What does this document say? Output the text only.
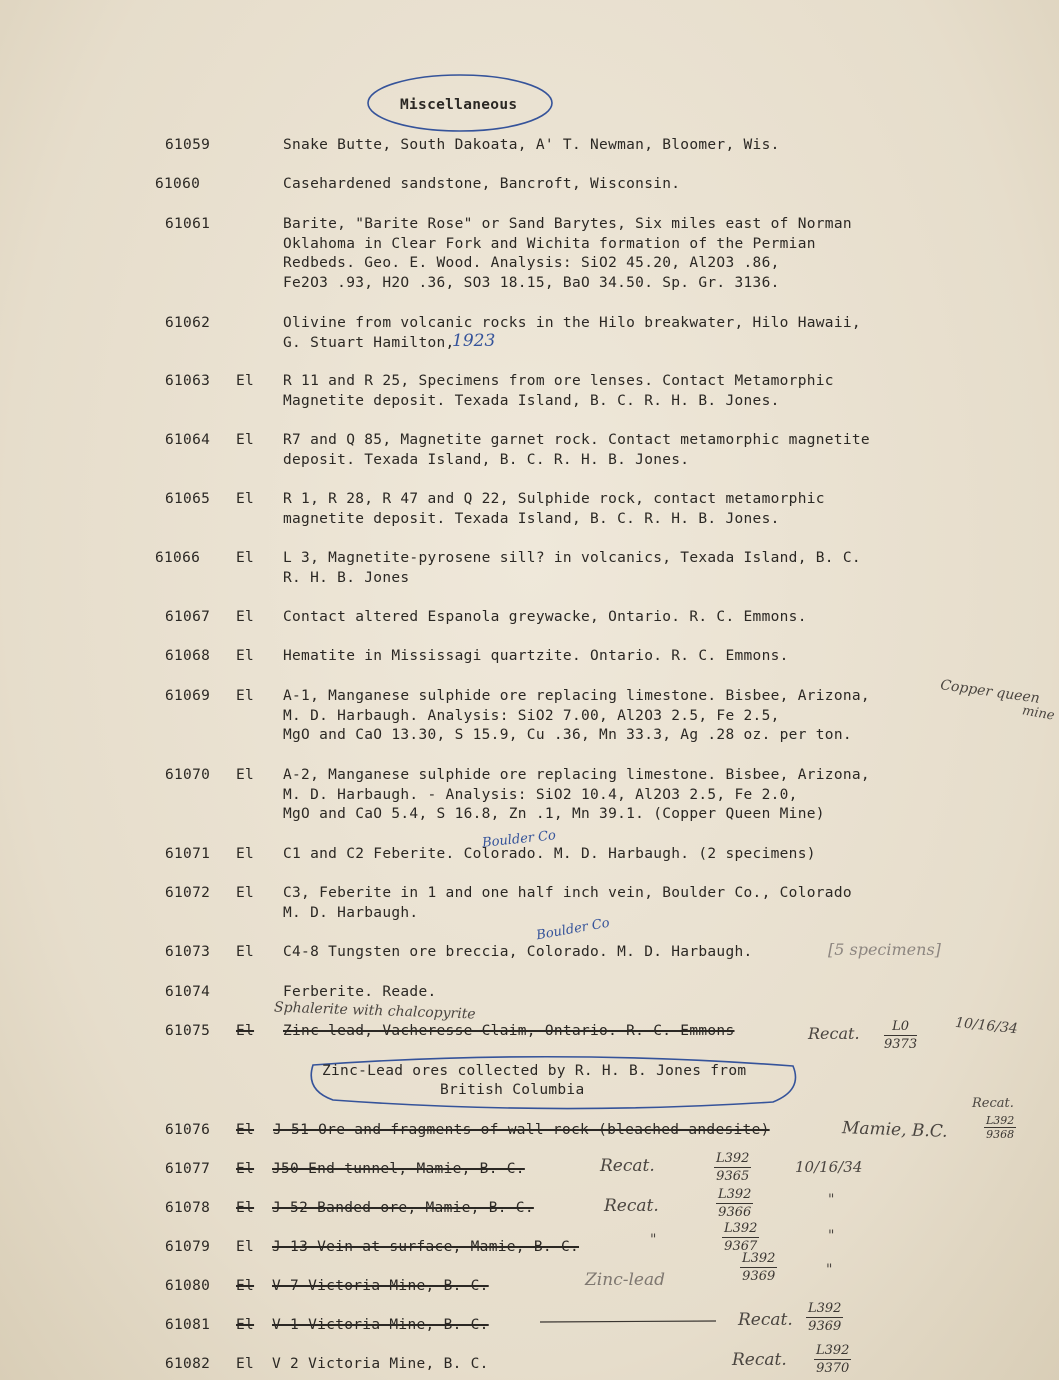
Miscellaneous
61059	Snake Butte, South Dakoata, A' T. Newman, Bloomer, Wis.
61060	Casehardened sandstone, Bancroft, Wisconsin.
61061	Barite, "Barite Rose" or Sand Barytes, Six miles east of Norman
Oklahoma in Clear Fork and Wichita formation of the Permian
Redbeds. Geo. E. Wood. Analysis: SiO2 45.20, Al2O3 .86,
Fe2O3 .93, H2O .36, SO3 18.15, BaO 34.50. Sp. Gr. 3136.
61062	Olivine from volcanic rocks in the Hilo breakwater, Hilo Hawaii,
G. Stuart Hamilton,
61063 El R 11 and R 25, Specimens from ore lenses. Contact Metamorphic
Magnetite deposit. Texada Island, B. C. R. H. B. Jones.
61064 El R7 and Q 85, Magnetite garnet rock. Contact metamorphic magnetite
deposit. Texada Island, B. C. R. H. B. Jones.
61065 El R 1, R 28, R 47 and Q 22, Sulphide rock, contact metamorphic
magnetite deposit. Texada Island, B. C. R. H. B. Jones.
61066 El L 3, Magnetite-pyrosene sill? in volcanics, Texada Island, B. C.
R. H. B. Jones
61067 El Contact altered Espanola greywacke, Ontario. R. C. Emmons.
61068 El Hematite in Mississagi quartzite. Ontario. R. C. Emmons.
61069 El A-1, Manganese sulphide ore replacing limestone. Bisbee, Arizona,
M. D. Harbaugh. Analysis: SiO2 7.00, Al2O3 2.5, Fe 2.5,
MgO and CaO 13.30, S 15.9, Cu .36, Mn 33.3, Ag .28 oz. per ton.
61070 El A-2, Manganese sulphide ore replacing limestone. Bisbee, Arizona,
M. D. Harbaugh. - Analysis: SiO2 10.4, Al2O3 2.5, Fe 2.0,
MgO and CaO 5.4, S 16.8, Zn .1, Mn 39.1. (Copper Queen Mine)
61071 El C1 and C2 Feberite. Colorado. M. D. Harbaugh. (2 specimens)
61072 El C3, Feberite in 1 and one half inch vein, Boulder Co., Colorado
M. D. Harbaugh.
61073 El C4-8 Tungsten ore breccia, Colorado. M. D. Harbaugh.
61074	Ferberite. Reade.
61075 El Zinc-lead, Vacheresse Claim, Ontario. R. C. Emmons
Zinc-Lead ores collected by R. H. B. Jones from
British Columbia
61076 El J 51 Ore and fragments of wall rock (bleached andesite)
61077 El J50 End tunnel, Mamie, B. C.
61078 El J 52 Banded ore, Mamie, B. C.
61079 El J 13 Vein at surface, Mamie, B. C.
61080 El V 7 Victoria Mine, B. C.
61081 El V 1 Victoria Mine, B. C.
61082 El V 2 Victoria Mine, B. C.
1923
Copper queen
mine
Boulder Co
Boulder Co
[5 specimens]
Sphalerite with chalcopyrite
Recat. $\frac{L0}{9373}$	10/16/34
Recat.
Mamie, B.C.	$\frac{L392}{9368}$
Recat.	$\frac{L392}{9365}$	10/16/34
Recat.	$\frac{L392}{9366}$	"
"	$\frac{L392}{9367}$	"
Zinc-lead	$\frac{L392}{9369}$	"
Recat. $\frac{L392}{9369}$
Recat. $\frac{L392}{9370}$
